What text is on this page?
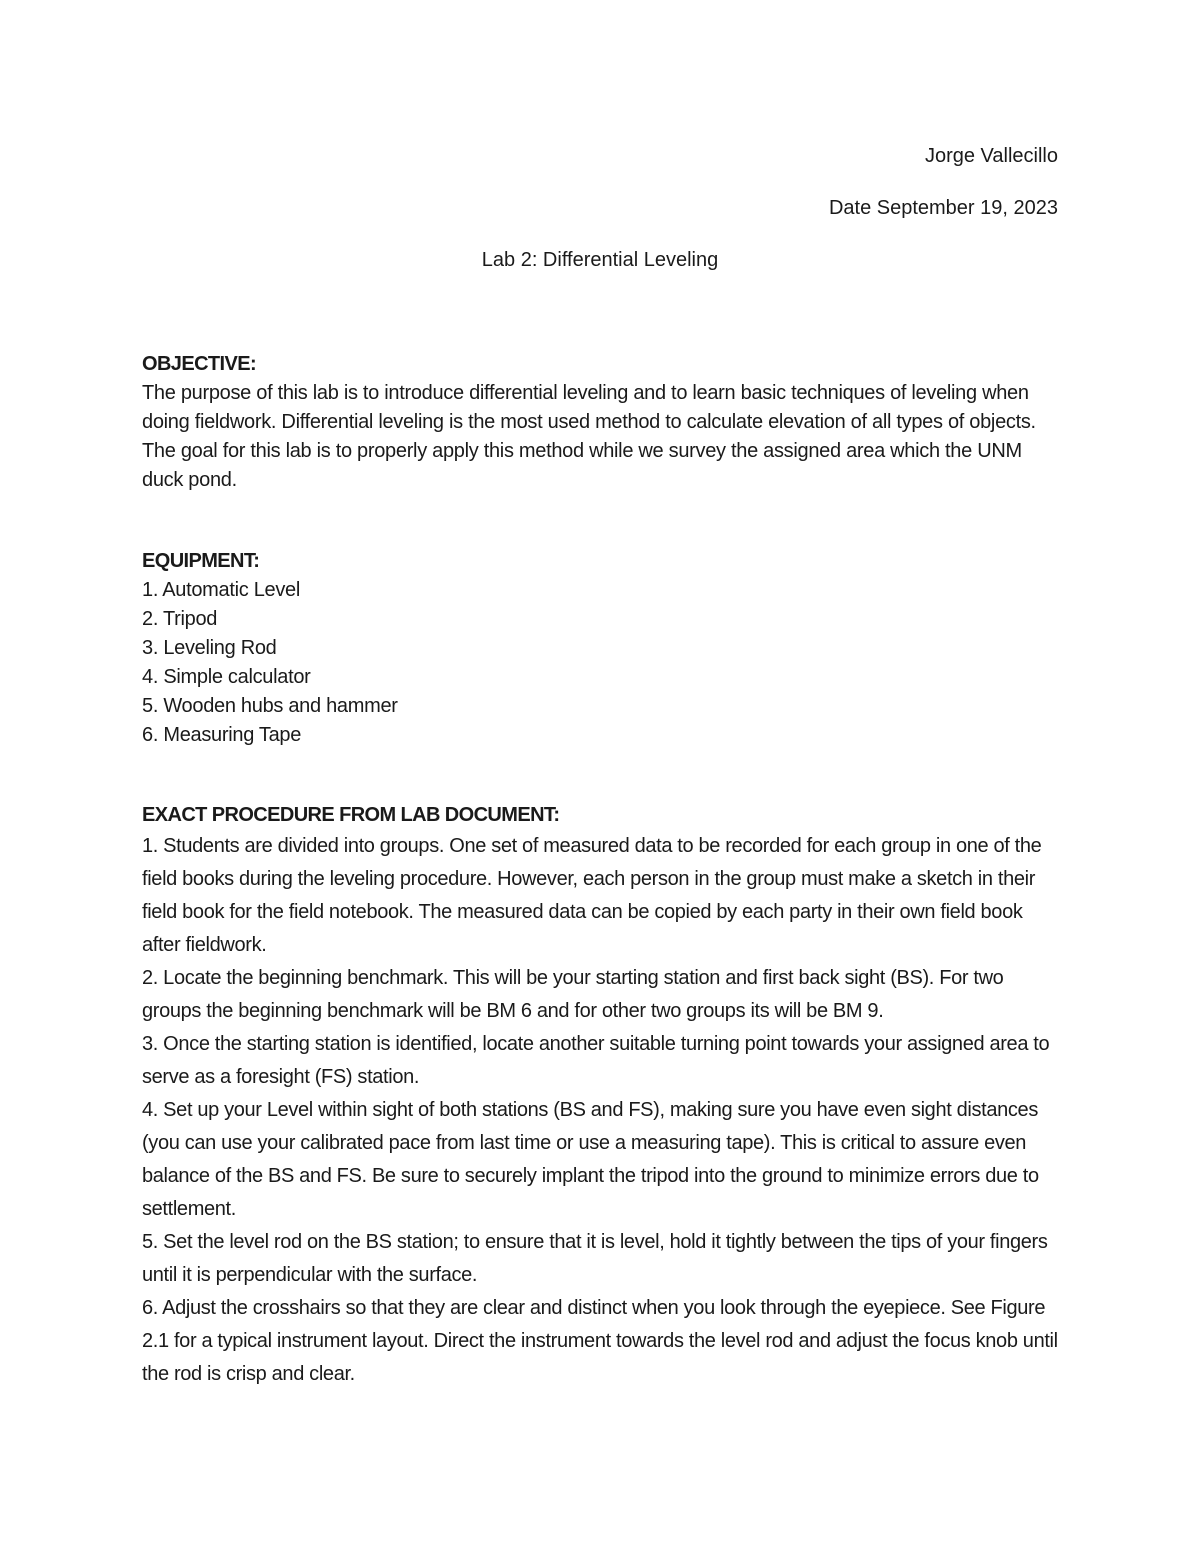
Jorge Vallecillo
Date September 19, 2023
Lab 2: Differential Leveling

OBJECTIVE:

The purpose of this lab is to introduce differential leveling and to learn basic techniques of leveling when doing fieldwork. Differential leveling is the most used method to calculate elevation of all types of objects. The goal for this lab is to properly apply this method while we survey the assigned area which the UNM duck pond.

EQUIPMENT:

1. Automatic Level
2. Tripod
3. Leveling Rod
4. Simple calculator
5. Wooden hubs and hammer
6. Measuring Tape

EXACT PROCEDURE FROM LAB DOCUMENT:

1. Students are divided into groups. One set of measured data to be recorded for each group in one of the field books during the leveling procedure. However, each person in the group must make a sketch in their field book for the field notebook. The measured data can be copied by each party in their own field book after fieldwork.
2. Locate the beginning benchmark. This will be your starting station and first back sight (BS). For two groups the beginning benchmark will be BM 6 and for other two groups its will be BM 9.
3. Once the starting station is identified, locate another suitable turning point towards your assigned area to serve as a foresight (FS) station.
4. Set up your Level within sight of both stations (BS and FS), making sure you have even sight distances (you can use your calibrated pace from last time or use a measuring tape). This is critical to assure even balance of the BS and FS. Be sure to securely implant the tripod into the ground to minimize errors due to settlement.
5. Set the level rod on the BS station; to ensure that it is level, hold it tightly between the tips of your fingers until it is perpendicular with the surface.
6. Adjust the crosshairs so that they are clear and distinct when you look through the eyepiece. See Figure 2.1 for a typical instrument layout. Direct the instrument towards the level rod and adjust the focus knob until the rod is crisp and clear.
